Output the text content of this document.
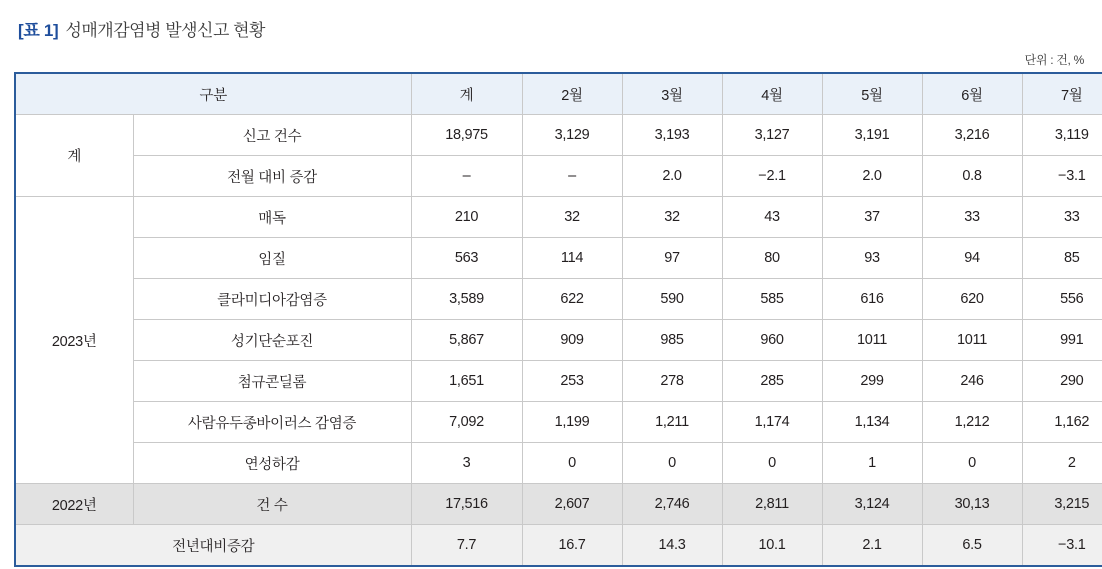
[표 1] 성매개감염병 발생신고 현황
단위 : 건, %
구분		계	2월	3월	4월	5월	6월	7월
계	신고 건수	18,975	3,129	3,193	3,127	3,191	3,216	3,119
	전월 대비 증감	–	–	2.0	−2.1	2.0	0.8	−3.1
2023년	매독	210	32	32	43	37	33	33
	임질	563	114	97	80	93	94	85
	클라미디아감염증	3,589	622	590	585	616	620	556
	성기단순포진	5,867	909	985	960	1011	1011	991
	첨규콘딜롬	1,651	253	278	285	299	246	290
	사람유두종바이러스 감염증	7,092	1,199	1,211	1,174	1,134	1,212	1,162
	연성하감	3	0	0	0	1	0	2
2022년	건 수	17,516	2,607	2,746	2,811	3,124	30,13	3,215
전년대비증감		7.7	16.7	14.3	10.1	2.1	6.5	−3.1
